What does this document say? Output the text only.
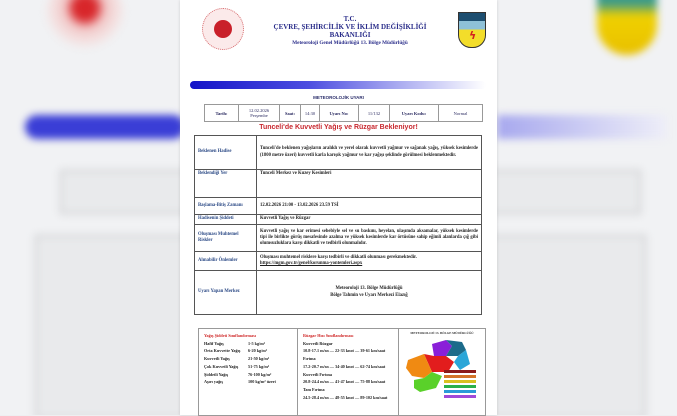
T.C.
ÇEVRE, ŞEHİRCİLİK VE İKLİM DEĞİŞİKLİĞİ
BAKANLIĞI
Meteoroloji Genel Müdürlüğü 13. Bölge Müdürlüğü
ϟ
METEOROLOJİK UYARI
Tarih:	12.02.2026
Perşembe	Saat:	14:30	Uyarı No:	11/132	Uyarı Kodu:	Normal
Tunceli'de Kuvvetli Yağış ve Rüzgar Bekleniyor!
Beklenen Hadise	Tunceli'de beklenen yağışların aralıklı ve yerel olarak kuvvetli yağmur ve sağanak yağış, yüksek kesimlerde (1800 metre üzeri) kuvvetli karla karışık yağmur ve kar yağışı şeklinde görülmesi beklenmektedir.
Beklendiği Yer	Tunceli Merkez ve Kuzey Kesimleri
Başlama-Bitiş Zamanı	12.02.2026 21:00 - 13.02.2026 23.59 TSİ
Hadisenin Şiddeti	Kuvvetli Yağış ve Rüzgar
Oluşması Muhtemel Riskler	Kuvvetli yağış ve kar erimesi sebebiyle sel ve su baskını, heyelan, ulaşımda aksamalar, yüksek kesimlerde tipi ile birlikte görüş mesafesinde azalma ve yüksek kesimlerde kar örtüsüne sahip eğimli alanlarda çığ gibi olumsuzluklara karşı dikkatli ve tedbirli olunmalıdır.
Alınabilir Önlemler	Oluşması muhtemel risklere karşı tedbirli ve dikkatli olunması gerekmektedir.
https://mgm.gov.tr/genel/korunma-yontemleri.aspx

Uyarı Yapan Merkez	Meteoroloji 13. Bölge Müdürlüğü
Bölge Tahmin ve Uyarı Merkezi Elazığ
Yağış Şiddeti Sınıflandırması
Hafif Yağış	1-5 kg/m²
Orta Kuvvette Yağış	6-20 kg/m²
Kuvvetli Yağış	21-50 kg/m²
Çok Kuvvetli Yağış	51-75 kg/m²
Şiddetli Yağış	76-100 kg/m²
Aşırı yağış	100 kg/m² üzeri
Rüzgar Hızı Sınıflandırması
Kuvvetli Rüzgar
10.8-17.1 m/sn — 22-33 knot — 39-61 km/saat
Fırtına
17.2-20.7 m/sn — 34-40 knot — 62-74 km/saat
Kuvvetli Fırtına
20.8-24.4 m/sn — 41-47 knot — 75-88 km/saat
Tam Fırtına
24.5-28.4 m/sn — 48-55 knot — 89-102 km/saat
METEOROLOJİ 13. BÖLGE MÜDÜRLÜĞÜ
